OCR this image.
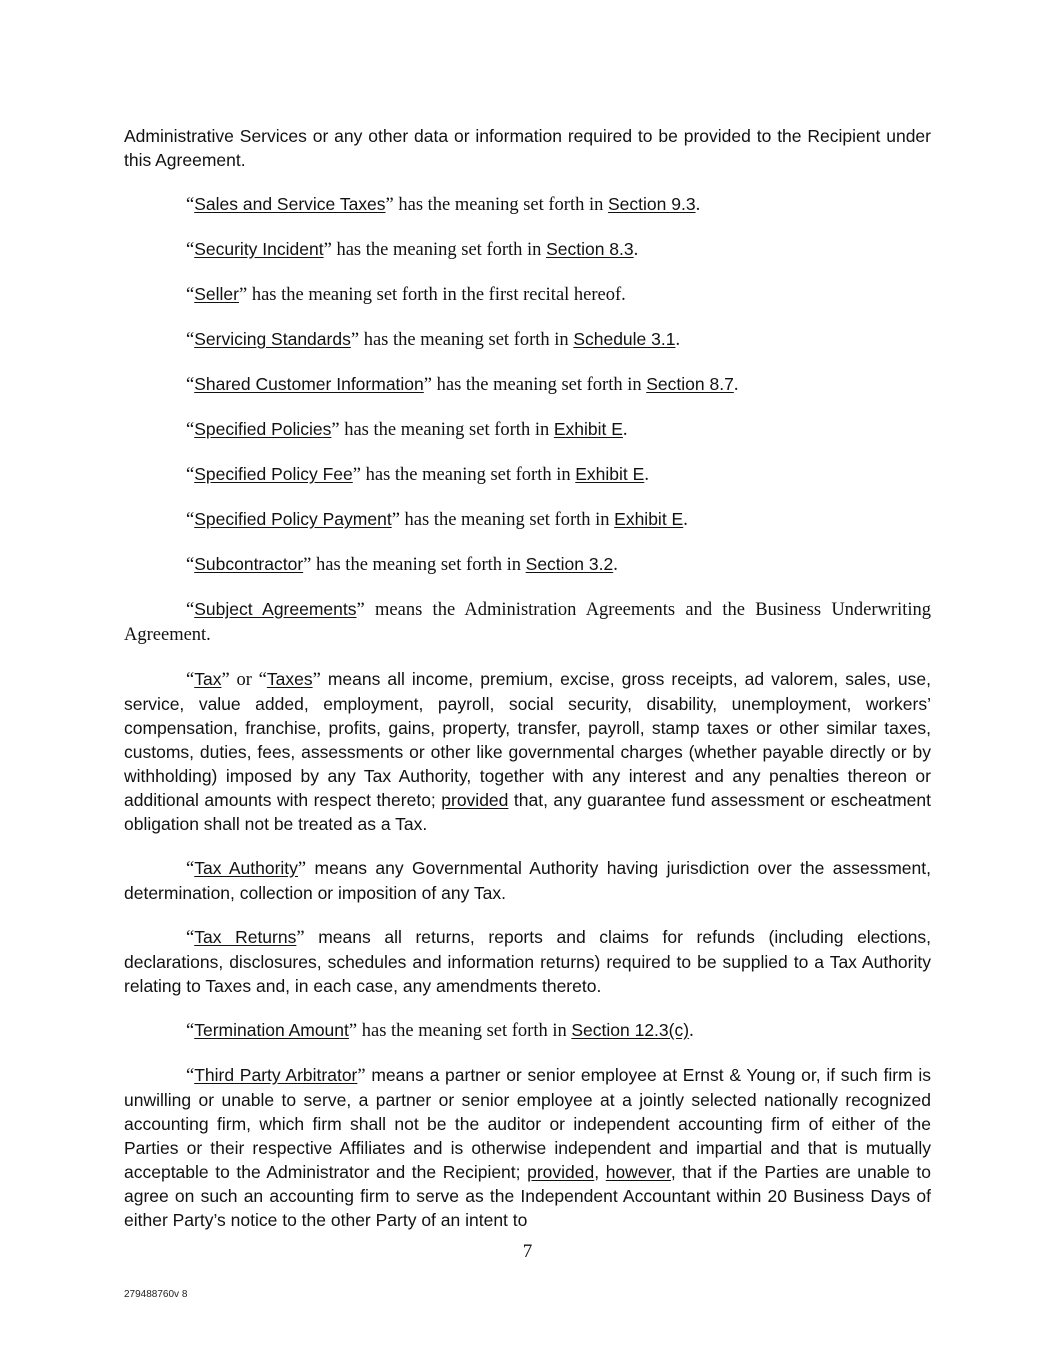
Administrative Services or any other data or information required to be provided to the Recipient under this Agreement.

“Sales and Service Taxes” has the meaning set forth in Section 9.3.

“Security Incident” has the meaning set forth in Section 8.3.

“Seller” has the meaning set forth in the first recital hereof.

“Servicing Standards” has the meaning set forth in Schedule 3.1.

“Shared Customer Information” has the meaning set forth in Section 8.7.

“Specified Policies” has the meaning set forth in Exhibit E.

“Specified Policy Fee” has the meaning set forth in Exhibit E.

“Specified Policy Payment” has the meaning set forth in Exhibit E.

“Subcontractor” has the meaning set forth in Section 3.2.

“Subject Agreements” means the Administration Agreements and the Business Underwriting Agreement.

“Tax” or “Taxes” means all income, premium, excise, gross receipts, ad valorem, sales, use, service, value added, employment, payroll, social security, disability, unemployment, workers’ compensation, franchise, profits, gains, property, transfer, payroll, stamp taxes or other similar taxes, customs, duties, fees, assessments or other like governmental charges (whether payable directly or by withholding) imposed by any Tax Authority, together with any interest and any penalties thereon or additional amounts with respect thereto; provided that, any guarantee fund assessment or escheatment obligation shall not be treated as a Tax.

“Tax Authority” means any Governmental Authority having jurisdiction over the assessment, determination, collection or imposition of any Tax.

“Tax Returns” means all returns, reports and claims for refunds (including elections, declarations, disclosures, schedules and information returns) required to be supplied to a Tax Authority relating to Taxes and, in each case, any amendments thereto.

“Termination Amount” has the meaning set forth in Section 12.3(c).

“Third Party Arbitrator” means a partner or senior employee at Ernst & Young or, if such firm is unwilling or unable to serve, a partner or senior employee at a jointly selected nationally recognized accounting firm, which firm shall not be the auditor or independent accounting firm of either of the Parties or their respective Affiliates and is otherwise independent and impartial and that is mutually acceptable to the Administrator and the Recipient; provided, however, that if the Parties are unable to agree on such an accounting firm to serve as the Independent Accountant within 20 Business Days of either Party’s notice to the other Party of an intent to

7
279488760v 8
